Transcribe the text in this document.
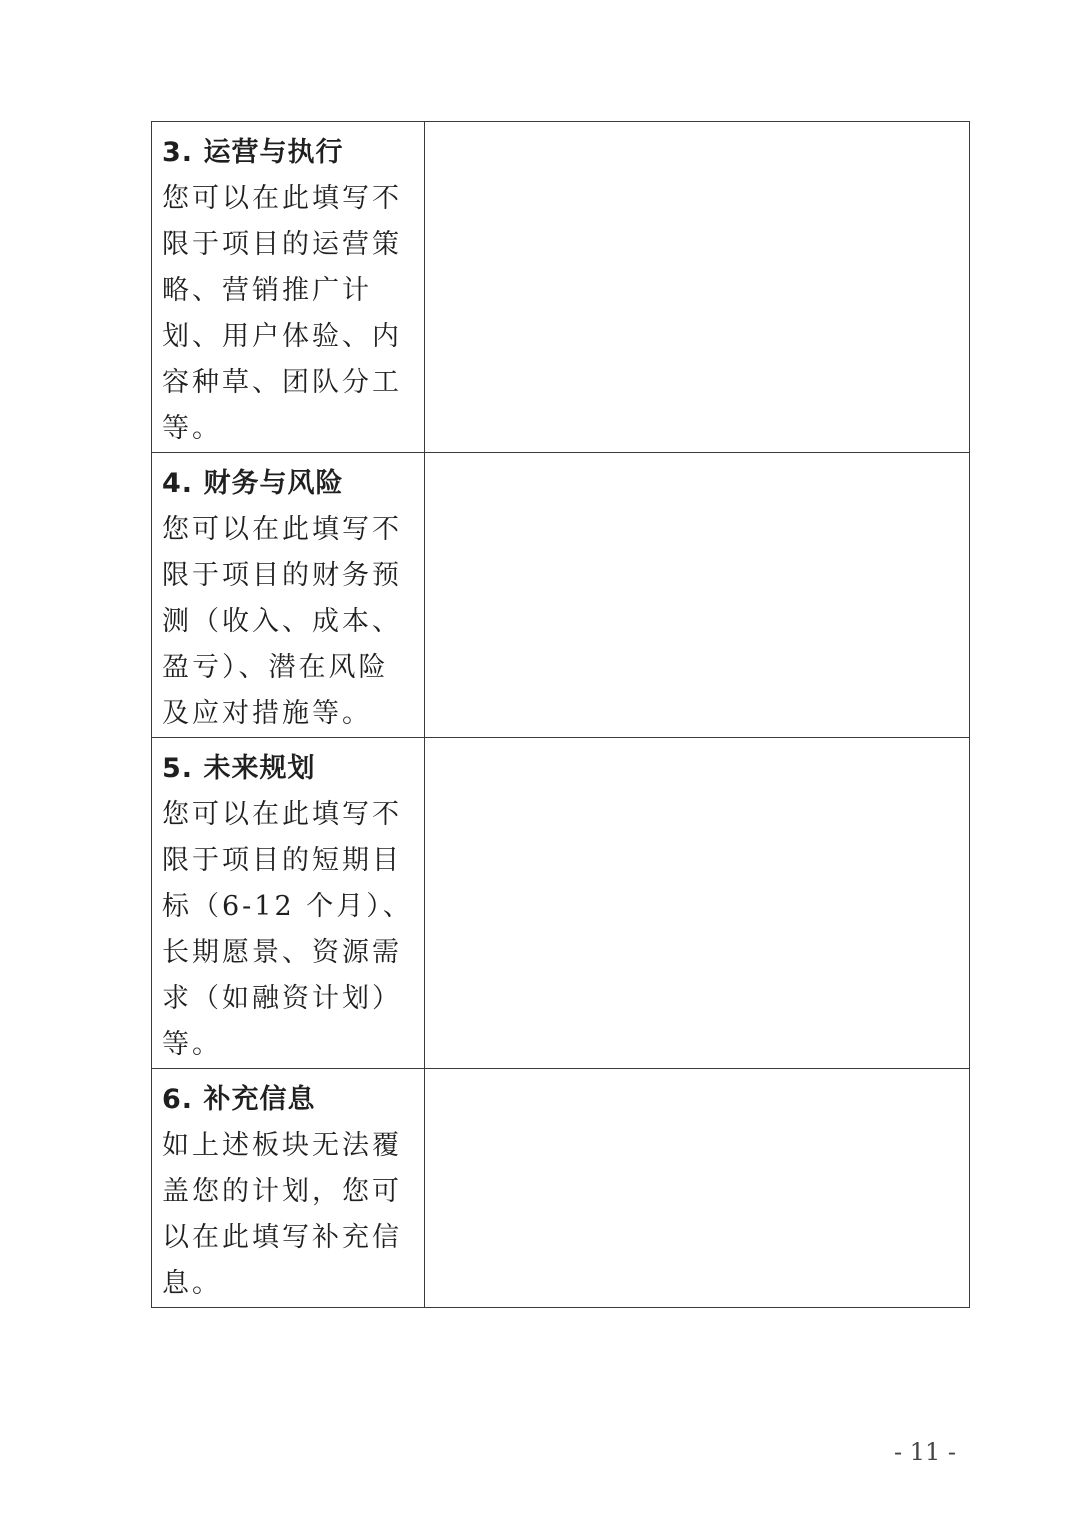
3. 运营与执行

您可以在此填写不限于项目的运营策略、营销推广计划、用户体验、内容种草、团队分工等。	

4. 财务与风险

您可以在此填写不限于项目的财务预测（收入、成本、盈亏）、潜在风险及应对措施等。	

5. 未来规划

您可以在此填写不限于项目的短期目标（6-12 个月）、长期愿景、资源需求（如融资计划）等。	

6. 补充信息

如上述板块无法覆盖您的计划，您可以在此填写补充信息。	

- 11 -
